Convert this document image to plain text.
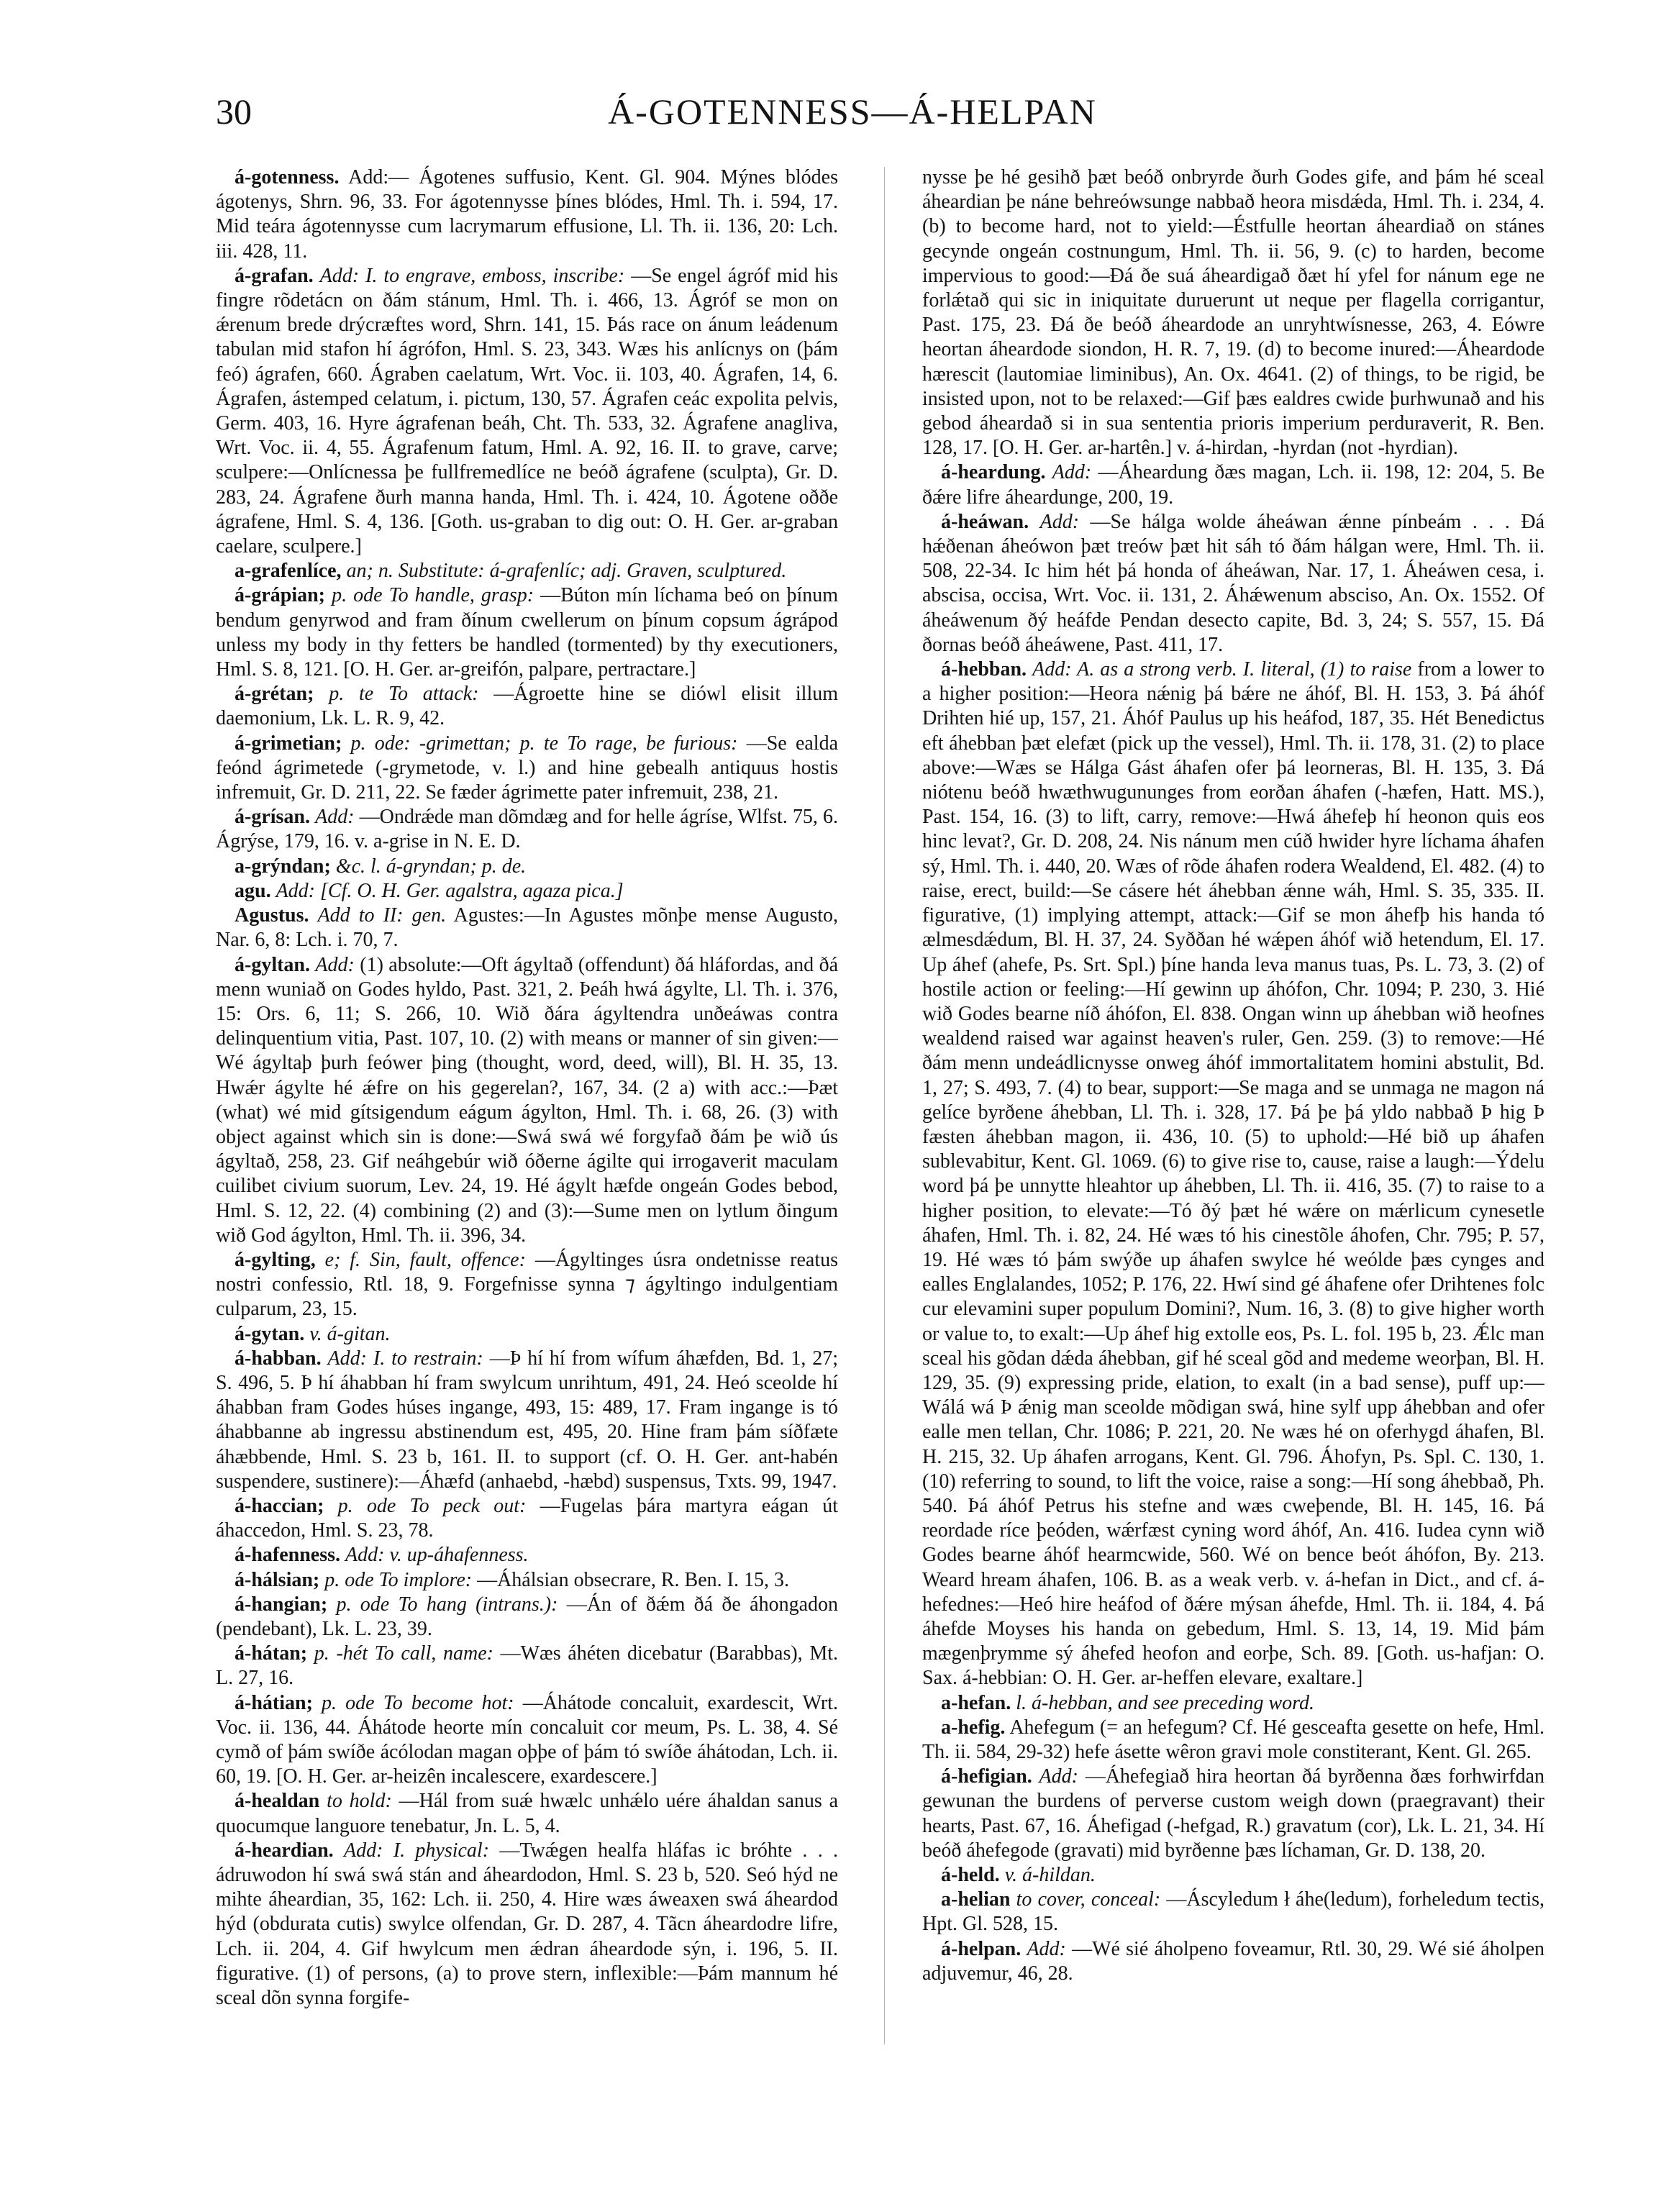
30	Á-GOTENNESS—Á-HELPAN

á-gotenness. Add:— Ágotenes suffusio, Kent. Gl. 904. Mýnes blódes ágotenys, Shrn. 96, 33. For ágotennysse þínes blódes, Hml. Th. i. 594, 17. Mid teára ágotennysse cum lacrymarum effusione, Ll. Th. ii. 136, 20: Lch. iii. 428, 11.

á-grafan. Add: I. to engrave, emboss, inscribe: —Se engel ágróf mid his fingre rõdetácn on ðám stánum, Hml. Th. i. 466, 13. Ágróf se mon on ǽrenum brede drýcræftes word, Shrn. 141, 15. Þás race on ánum leádenum tabulan mid stafon hí ágrófon, Hml. S. 23, 343. Wæs his anlícnys on (þám feó) ágrafen, 660. Ágraben caelatum, Wrt. Voc. ii. 103, 40. Ágrafen, 14, 6. Ágrafen, ástemped celatum, i. pictum, 130, 57. Ágrafen ceác expolita pelvis, Germ. 403, 16. Hyre ágrafenan beáh, Cht. Th. 533, 32. Ágrafene anagliva, Wrt. Voc. ii. 4, 55. Ágrafenum fatum, Hml. A. 92, 16. II. to grave, carve; sculpere:—Onlícnessa þe fullfremedlíce ne beóð ágrafene (sculpta), Gr. D. 283, 24. Ágrafene ðurh manna handa, Hml. Th. i. 424, 10. Ágotene oððe ágrafene, Hml. S. 4, 136. [Goth. us-graban to dig out: O. H. Ger. ar-graban caelare, sculpere.]

a-grafenlíce, an; n. Substitute: á-grafenlíc; adj. Graven, sculptured.

á-grápian; p. ode To handle, grasp: —Búton mín líchama beó on þínum bendum genyrwod and fram ðínum cwellerum on þínum copsum ágrápod unless my body in thy fetters be handled (tormented) by thy executioners, Hml. S. 8, 121. [O. H. Ger. ar-greifón, palpare, pertractare.]

á-grétan; p. te To attack: —Ágroette hine se diówl elisit illum daemonium, Lk. L. R. 9, 42.

á-grimetian; p. ode: -grimettan; p. te To rage, be furious: —Se ealda feónd ágrimetede (-grymetode, v. l.) and hine gebealh antiquus hostis infremuit, Gr. D. 211, 22. Se fæder ágrimette pater infremuit, 238, 21.

á-grísan. Add: —Ondrǽde man dõmdæg and for helle ágríse, Wlfst. 75, 6. Ágrýse, 179, 16. v. a-grise in N. E. D.

a-grýndan; &c. l. á-gryndan; p. de.

agu. Add: [Cf. O. H. Ger. agalstra, agaza pica.]

Agustus. Add to II: gen. Agustes:—In Agustes mõnþe mense Augusto, Nar. 6, 8: Lch. i. 70, 7.

á-gyltan. Add: (1) absolute:—Oft ágyltað (offendunt) ðá hláfordas, and ðá menn wuniað on Godes hyldo, Past. 321, 2. Þeáh hwá ágylte, Ll. Th. i. 376, 15: Ors. 6, 11; S. 266, 10. Wið ðára ágyltendra unðeáwas contra delinquentium vitia, Past. 107, 10. (2) with means or manner of sin given:—Wé ágyltaþ þurh feówer þing (thought, word, deed, will), Bl. H. 35, 13. Hwǽr ágylte hé ǽfre on his gegerelan?, 167, 34. (2 a) with acc.:—Þæt (what) wé mid gítsigendum eágum ágylton, Hml. Th. i. 68, 26. (3) with object against which sin is done:—Swá swá wé forgyfað ðám þe wið ús ágyltað, 258, 23. Gif neáhgebúr wið óðerne ágilte qui irrogaverit maculam cuilibet civium suorum, Lev. 24, 19. Hé ágylt hæfde ongeán Godes bebod, Hml. S. 12, 22. (4) combining (2) and (3):—Sume men on lytlum ðingum wið God ágylton, Hml. Th. ii. 396, 34.

á-gylting, e; f. Sin, fault, offence: —Ágyltinges úsra ondetnisse reatus nostri confessio, Rtl. 18, 9. Forgefnisse synna ⁊ ágyltingo indulgentiam culparum, 23, 15.

á-gytan. v. á-gitan.

á-habban. Add: I. to restrain: —Þ hí hí from wífum áhæfden, Bd. 1, 27; S. 496, 5. Þ hí áhabban hí fram swylcum unrihtum, 491, 24. Heó sceolde hí áhabban fram Godes húses ingange, 493, 15: 489, 17. Fram ingange is tó áhabbanne ab ingressu abstinendum est, 495, 20. Hine fram þám síðfæte áhæbbende, Hml. S. 23 b, 161. II. to support (cf. O. H. Ger. ant-habén suspendere, sustinere):—Áhæfd (anhaebd, -hæbd) suspensus, Txts. 99, 1947.

á-haccian; p. ode To peck out: —Fugelas þára martyra eágan út áhaccedon, Hml. S. 23, 78.

á-hafenness. Add: v. up-áhafenness.

á-hálsian; p. ode To implore: —Áhálsian obsecrare, R. Ben. I. 15, 3.

á-hangian; p. ode To hang (intrans.): —Án of ðǽm ðá ðe áhongadon (pendebant), Lk. L. 23, 39.

á-hátan; p. -hét To call, name: —Wæs áhéten dicebatur (Barabbas), Mt. L. 27, 16.

á-hátian; p. ode To become hot: —Áhátode concaluit, exardescit, Wrt. Voc. ii. 136, 44. Áhátode heorte mín concaluit cor meum, Ps. L. 38, 4. Sé cymð of þám swíðe ácólodan magan oþþe of þám tó swíðe áhátodan, Lch. ii. 60, 19. [O. H. Ger. ar-heizên incalescere, exardescere.]

á-healdan to hold: —Hál from suǽ hwælc unhǽlo uére áhaldan sanus a quocumque languore tenebatur, Jn. L. 5, 4.

á-heardian. Add: I. physical: —Twǽgen healfa hláfas ic bróhte . . . ádruwodon hí swá swá stán and áheardodon, Hml. S. 23 b, 520. Seó hýd ne mihte áheardian, 35, 162: Lch. ii. 250, 4. Hire wæs áweaxen swá áheardod hýd (obdurata cutis) swylce olfendan, Gr. D. 287, 4. Tãcn áheardodre lifre, Lch. ii. 204, 4. Gif hwylcum men ǽdran áheardode sýn, i. 196, 5. II. figurative. (1) of persons, (a) to prove stern, inflexible:—Þám mannum hé sceal dõn synna forgife-

nysse þe hé gesihð þæt beóð onbryrde ðurh Godes gife, and þám hé sceal áheardian þe náne behreówsunge nabbað heora misdǽda, Hml. Th. i. 234, 4. (b) to become hard, not to yield:—Éstfulle heortan áheardiað on stánes gecynde ongeán costnungum, Hml. Th. ii. 56, 9. (c) to harden, become impervious to good:—Ðá ðe suá áheardigað ðæt hí yfel for nánum ege ne forlǽtað qui sic in iniquitate duruerunt ut neque per flagella corrigantur, Past. 175, 23. Ðá ðe beóð áheardode an unryhtwísnesse, 263, 4. Eówre heortan áheardode siondon, H. R. 7, 19. (d) to become inured:—Áheardode hærescit (lautomiae liminibus), An. Ox. 4641. (2) of things, to be rigid, be insisted upon, not to be relaxed:—Gif þæs ealdres cwide þurhwunað and his gebod áheardað si in sua sententia prioris imperium perduraverit, R. Ben. 128, 17. [O. H. Ger. ar-hartên.] v. á-hirdan, -hyrdan (not -hyrdian).

á-heardung. Add: —Áheardung ðæs magan, Lch. ii. 198, 12: 204, 5. Be ðǽre lifre áheardunge, 200, 19.

á-heáwan. Add: —Se hálga wolde áheáwan ǽnne pínbeám . . . Ðá hǽðenan áheówon þæt treów þæt hit sáh tó ðám hálgan were, Hml. Th. ii. 508, 22-34. Ic him hét þá honda of áheáwan, Nar. 17, 1. Áheáwen cesa, i. abscisa, occisa, Wrt. Voc. ii. 131, 2. Áhǽwenum absciso, An. Ox. 1552. Of áheáwenum ðý heáfde Pendan desecto capite, Bd. 3, 24; S. 557, 15. Ðá ðornas beóð áheáwene, Past. 411, 17.

á-hebban. Add: A. as a strong verb. I. literal, (1) to raise from a lower to a higher position:—Heora nǽnig þá bǽre ne áhóf, Bl. H. 153, 3. Þá áhóf Drihten hié up, 157, 21. Áhóf Paulus up his heáfod, 187, 35. Hét Benedictus eft áhebban þæt elefæt (pick up the vessel), Hml. Th. ii. 178, 31. (2) to place above:—Wæs se Hálga Gást áhafen ofer þá leorneras, Bl. H. 135, 3. Ðá niótenu beóð hwæthwugununges from eorðan áhafen (-hæfen, Hatt. MS.), Past. 154, 16. (3) to lift, carry, remove:—Hwá áhefeþ hí heonon quis eos hinc levat?, Gr. D. 208, 24. Nis nánum men cúð hwider hyre líchama áhafen sý, Hml. Th. i. 440, 20. Wæs of rõde áhafen rodera Wealdend, El. 482. (4) to raise, erect, build:—Se cásere hét áhebban ǽnne wáh, Hml. S. 35, 335. II. figurative, (1) implying attempt, attack:—Gif se mon áhefþ his handa tó ælmesdǽdum, Bl. H. 37, 24. Syððan hé wǽpen áhóf wið hetendum, El. 17. Up áhef (ahefe, Ps. Srt. Spl.) þíne handa leva manus tuas, Ps. L. 73, 3. (2) of hostile action or feeling:—Hí gewinn up áhófon, Chr. 1094; P. 230, 3. Hié wið Godes bearne níð áhófon, El. 838. Ongan winn up áhebban wið heofnes wealdend raised war against heaven's ruler, Gen. 259. (3) to remove:—Hé ðám menn undeádlicnysse onweg áhóf immortalitatem homini abstulit, Bd. 1, 27; S. 493, 7. (4) to bear, support:—Se maga and se unmaga ne magon ná gelíce byrðene áhebban, Ll. Th. i. 328, 17. Þá þe þá yldo nabbað Þ hig Þ fæsten áhebban magon, ii. 436, 10. (5) to uphold:—Hé bið up áhafen sublevabitur, Kent. Gl. 1069. (6) to give rise to, cause, raise a laugh:—Ýdelu word þá þe unnytte hleahtor up áhebben, Ll. Th. ii. 416, 35. (7) to raise to a higher position, to elevate:—Tó ðý þæt hé wǽre on mǽrlicum cynesetle áhafen, Hml. Th. i. 82, 24. Hé wæs tó his cinestõle áhofen, Chr. 795; P. 57, 19. Hé wæs tó þám swýðe up áhafen swylce hé weólde þæs cynges and ealles Englalandes, 1052; P. 176, 22. Hwí sind gé áhafene ofer Drihtenes folc cur elevamini super populum Domini?, Num. 16, 3. (8) to give higher worth or value to, to exalt:—Up áhef hig extolle eos, Ps. L. fol. 195 b, 23. Ǽlc man sceal his gõdan dǽda áhebban, gif hé sceal gõd and medeme weorþan, Bl. H. 129, 35. (9) expressing pride, elation, to exalt (in a bad sense), puff up:—Wálá wá Þ ǽnig man sceolde mõdigan swá, hine sylf upp áhebban and ofer ealle men tellan, Chr. 1086; P. 221, 20. Ne wæs hé on oferhygd áhafen, Bl. H. 215, 32. Up áhafen arrogans, Kent. Gl. 796. Áhofyn, Ps. Spl. C. 130, 1. (10) referring to sound, to lift the voice, raise a song:—Hí song áhebbað, Ph. 540. Þá áhóf Petrus his stefne and wæs cweþende, Bl. H. 145, 16. Þá reordade ríce þeóden, wǽrfæst cyning word áhóf, An. 416. Iudea cynn wið Godes bearne áhóf hearmcwide, 560. Wé on bence beót áhófon, By. 213. Weard hream áhafen, 106. B. as a weak verb. v. á-hefan in Dict., and cf. á-hefednes:—Heó hire heáfod of ðǽre mýsan áhefde, Hml. Th. ii. 184, 4. Þá áhefde Moyses his handa on gebedum, Hml. S. 13, 14, 19. Mid þám mægenþrymme sý áhefed heofon and eorþe, Sch. 89. [Goth. us-hafjan: O. Sax. á-hebbian: O. H. Ger. ar-heffen elevare, exaltare.]

a-hefan. l. á-hebban, and see preceding word.

a-hefig. Ahefegum (= an hefegum? Cf. Hé gesceafta gesette on hefe, Hml. Th. ii. 584, 29-32) hefe ásette wêron gravi mole constiterant, Kent. Gl. 265.

á-hefigian. Add: —Áhefegiað hira heortan ðá byrðenna ðæs forhwirfdan gewunan the burdens of perverse custom weigh down (praegravant) their hearts, Past. 67, 16. Áhefigad (-hefgad, R.) gravatum (cor), Lk. L. 21, 34. Hí beóð áhefegode (gravati) mid byrðenne þæs líchaman, Gr. D. 138, 20.

á-held. v. á-hildan.

a-helian to cover, conceal: —Áscyledum ł áhe(ledum), forheledum tectis, Hpt. Gl. 528, 15.

á-helpan. Add: —Wé sié áholpeno foveamur, Rtl. 30, 29. Wé sié áholpen adjuvemur, 46, 28.
